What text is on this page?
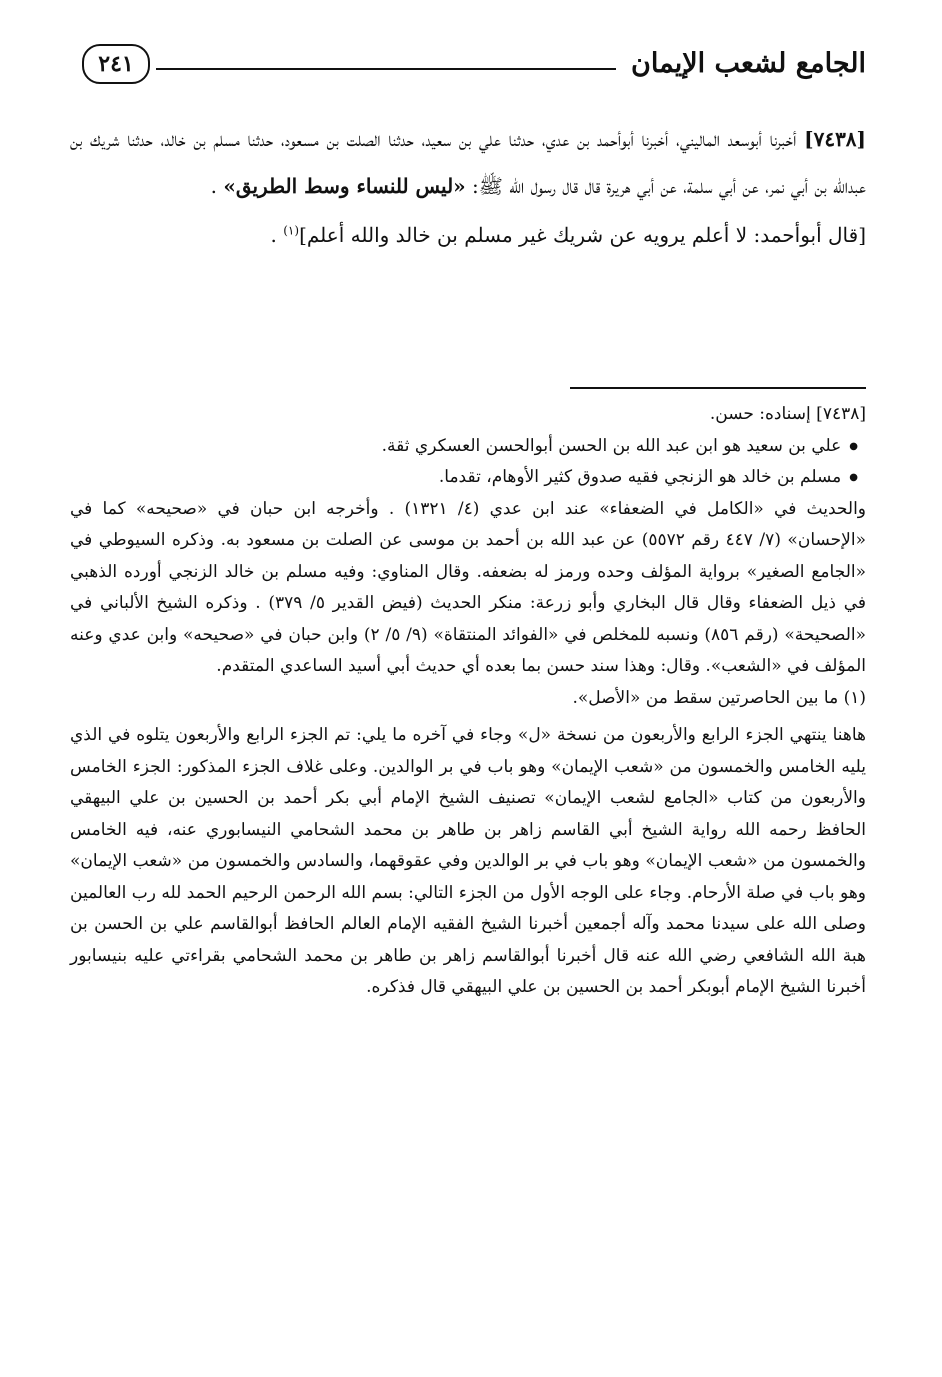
الجامع لشعب الإيمان
٢٤١

[٧٤٣٨] أخبرنا أبوسعد الماليني، أخبرنا أبوأحمد بن عدي، حدثنا علي بن سعيد، حدثنا الصلت بن مسعود، حدثنا مسلم بن خالد، حدثنا شريك بن عبدالله بن أبي نمر، عن أبي سلمة، عن أبي هريرة قال قال رسول الله ﷺ: «ليس للنساء وسط الطريق» .

[قال أبوأحمد: لا أعلم يرويه عن شريك غير مسلم بن خالد والله أعلم]$^{(١)}$ .

[٧٤٣٨] إسناده: حسن.

● علي بن سعيد هو ابن عبد الله بن الحسن أبوالحسن العسكري ثقة.

● مسلم بن خالد هو الزنجي فقيه صدوق كثير الأوهام، تقدما.

والحديث في «الكامل في الضعفاء» عند ابن عدي (٤/ ١٣٢١) . وأخرجه ابن حبان في «صحيحه» كما في «الإحسان» (٧/ ٤٤٧ رقم ٥٥٧٢) عن عبد الله بن أحمد بن موسى عن الصلت بن مسعود به. وذكره السيوطي في «الجامع الصغير» برواية المؤلف وحده ورمز له بضعفه. وقال المناوي: وفيه مسلم بن خالد الزنجي أورده الذهبي في ذيل الضعفاء وقال قال البخاري وأبو زرعة: منكر الحديث (فيض القدير ٥/ ٣٧٩) . وذكره الشيخ الألباني في «الصحيحة» (رقم ٨٥٦) ونسبه للمخلص في «الفوائد المنتقاة» (٩/ ٥/ ٢) وابن حبان في «صحيحه» وابن عدي وعنه المؤلف في «الشعب». وقال: وهذا سند حسن بما بعده أي حديث أبي أسيد الساعدي المتقدم.

(١) ما بين الحاصرتين سقط من «الأصل».

هاهنا ينتهي الجزء الرابع والأربعون من نسخة «ل» وجاء في آخره ما يلي: تم الجزء الرابع والأربعون يتلوه في الذي يليه الخامس والخمسون من «شعب الإيمان» وهو باب في بر الوالدين. وعلى غلاف الجزء المذكور: الجزء الخامس والأربعون من كتاب «الجامع لشعب الإيمان» تصنيف الشيخ الإمام أبي بكر أحمد بن الحسين بن علي البيهقي الحافظ رحمه الله رواية الشيخ أبي القاسم زاهر بن طاهر بن محمد الشحامي النيسابوري عنه، فيه الخامس والخمسون من «شعب الإيمان» وهو باب في بر الوالدين وفي عقوقهما، والسادس والخمسون من «شعب الإيمان» وهو باب في صلة الأرحام. وجاء على الوجه الأول من الجزء التالي: بسم الله الرحمن الرحيم الحمد لله رب العالمين وصلى الله على سيدنا محمد وآله أجمعين أخبرنا الشيخ الفقيه الإمام العالم الحافظ أبوالقاسم علي بن الحسن بن هبة الله الشافعي رضي الله عنه قال أخبرنا أبوالقاسم زاهر بن طاهر بن محمد الشحامي بقراءتي عليه بنيسابور أخبرنا الشيخ الإمام أبوبكر أحمد بن الحسين بن علي البيهقي قال فذكره.
